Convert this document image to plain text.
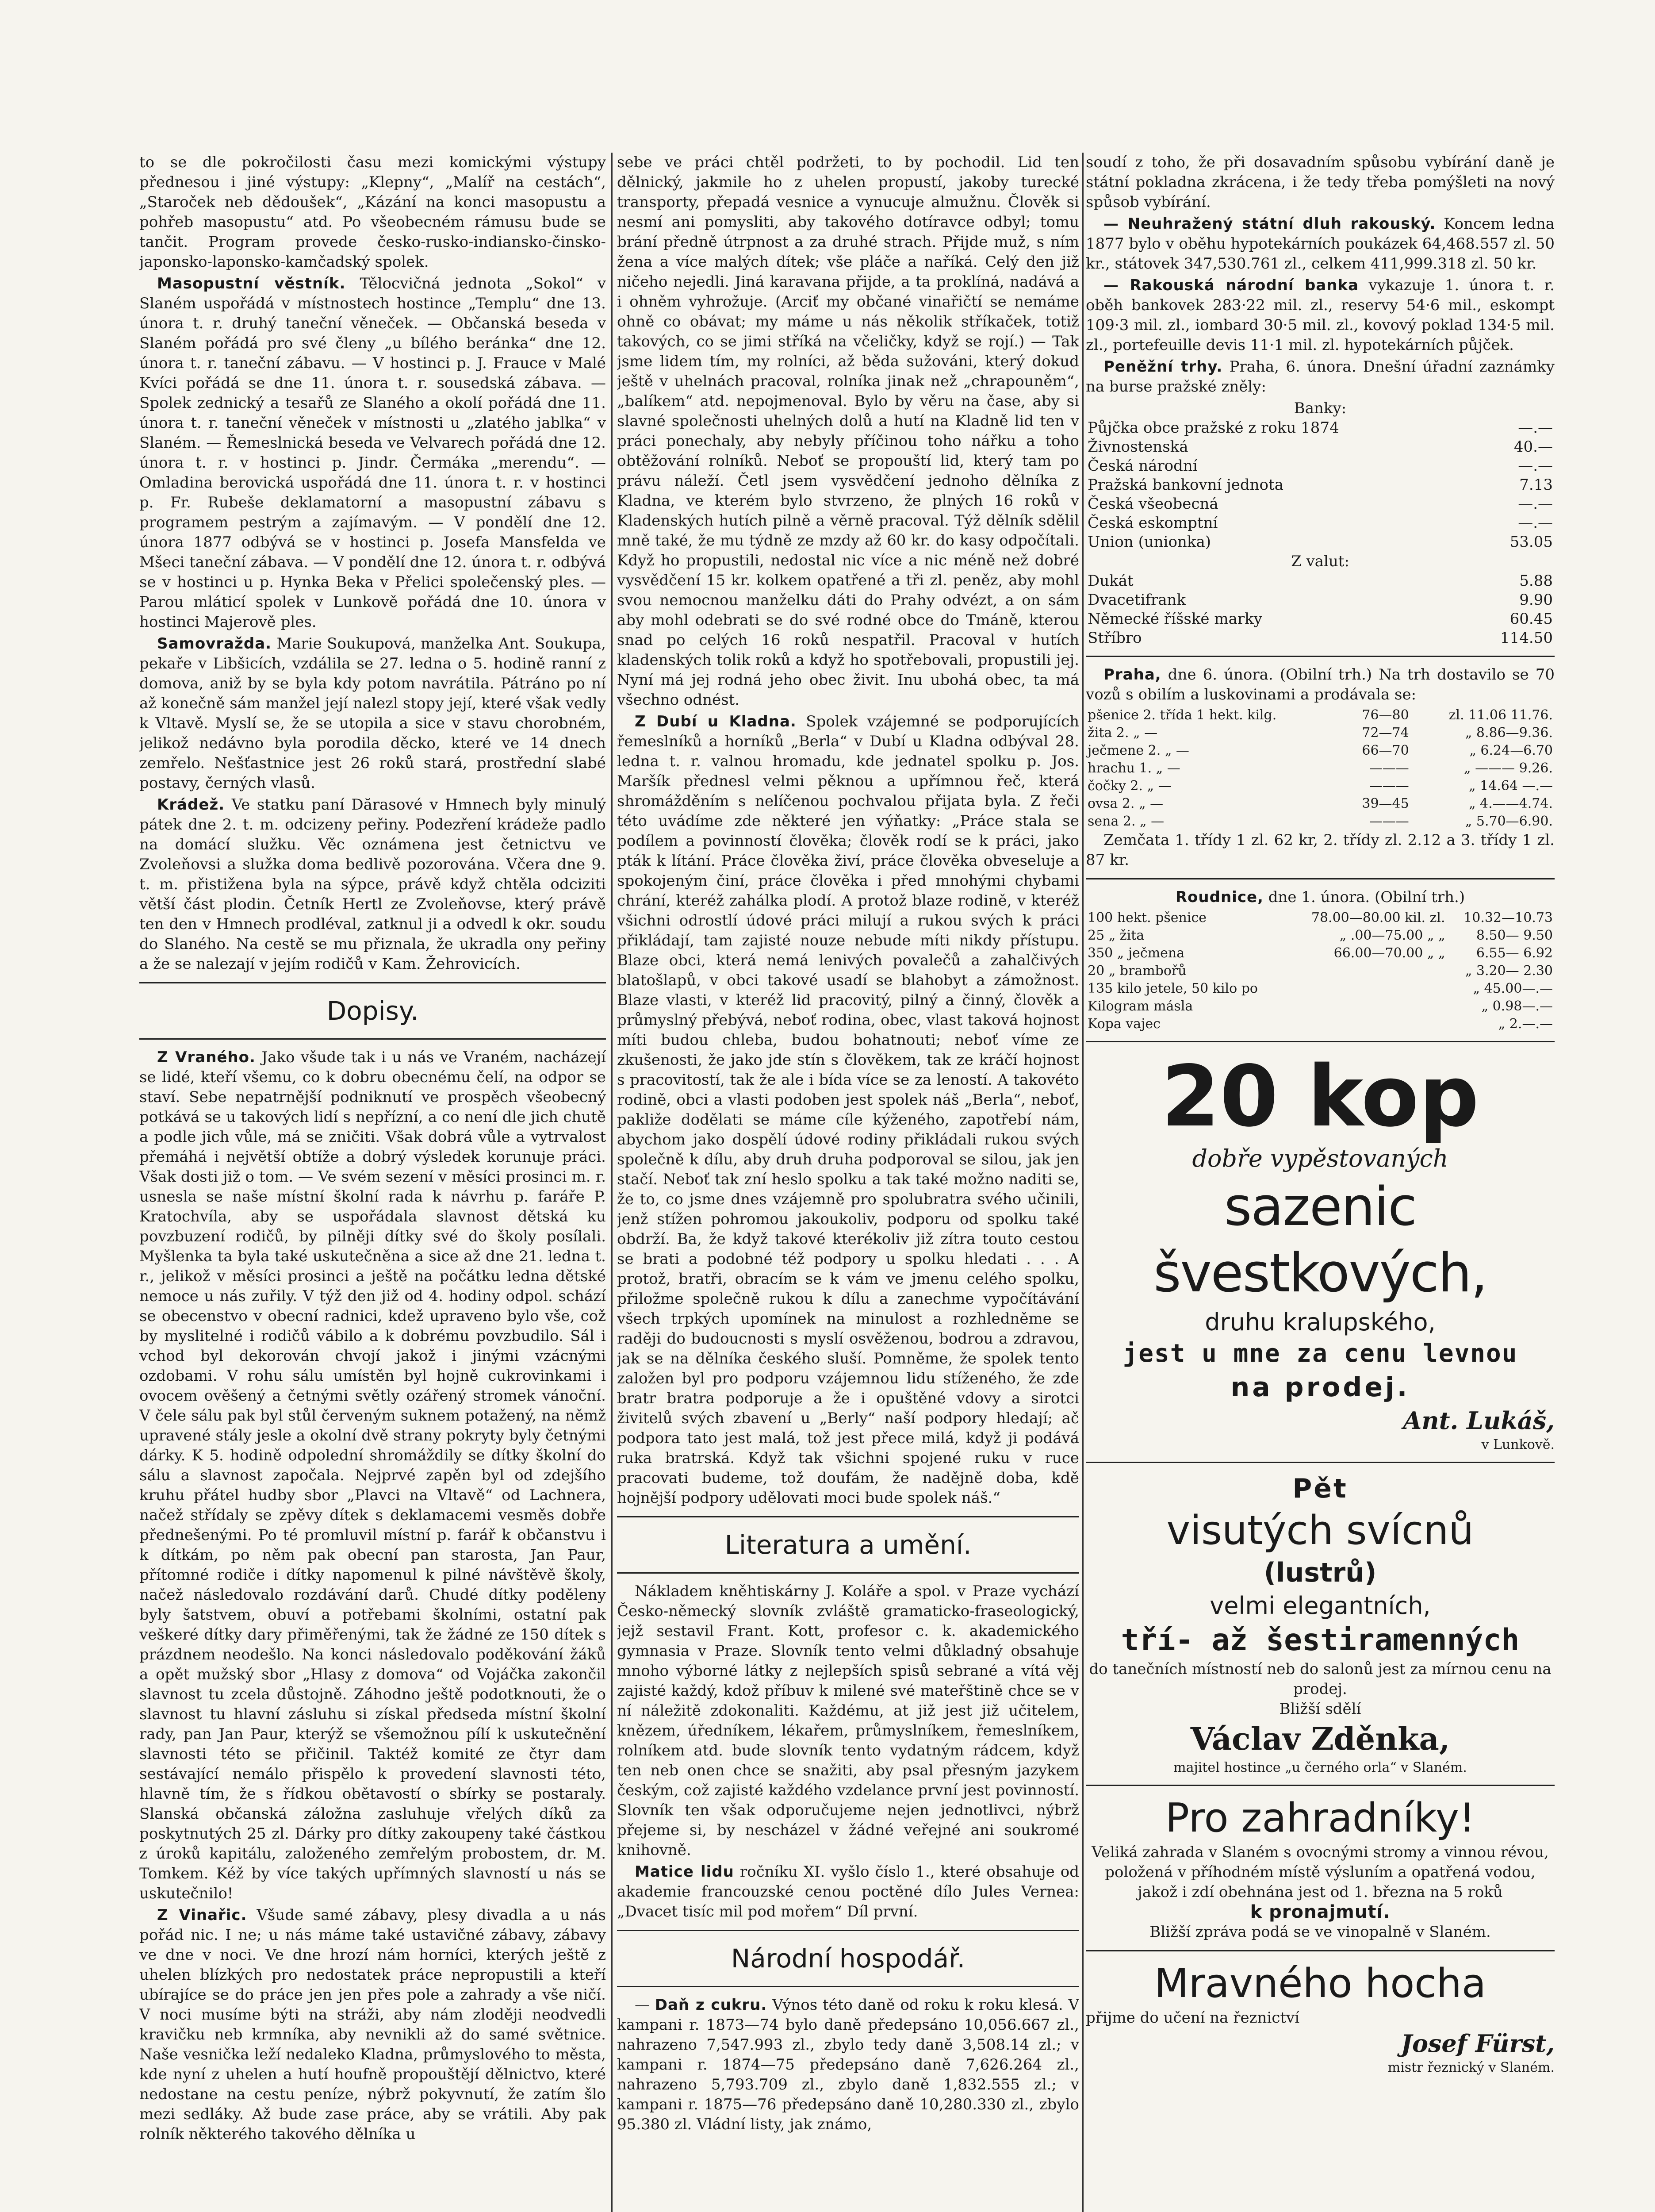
to se dle pokročilosti času mezi komickými výstupy přednesou i jiné výstupy: „Klepny“, „Malíř na cestách“, „Staroček neb dědoušek“, „Kázání na konci masopustu a pohřeb masopustu“ atd. Po všeobecném rámusu bude se tančit. Program provede česko-rusko-indiansko-činsko-japonsko-laponsko-kamčadský spolek.

Masopustní věstník. Tělocvičná jednota „Sokol“ v Slaném uspořádá v místnostech hostince „Templu“ dne 13. února t. r. druhý taneční věneček. — Občanská beseda v Slaném pořádá pro své členy „u bílého beránka“ dne 12. února t. r. taneční zábavu. — V hostinci p. J. Frauce v Malé Kvíci pořádá se dne 11. února t. r. sousedská zábava. — Spolek zednický a tesařů ze Slaného a okolí pořádá dne 11. února t. r. taneční věneček v místnosti u „zlatého jablka“ v Slaném. — Řemeslnická beseda ve Velvarech pořádá dne 12. února t. r. v hostinci p. Jindr. Čermáka „merendu“. — Omladina berovická uspořádá dne 11. února t. r. v hostinci p. Fr. Rubeše deklamatorní a masopustní zábavu s programem pestrým a zajímavým. — V pondělí dne 12. února 1877 odbývá se v hostinci p. Josefa Mansfelda ve Mšeci taneční zábava. — V pondělí dne 12. února t. r. odbývá se v hostinci u p. Hynka Beka v Přelici společenský ples. — Parou mláticí spolek v Lunkově pořádá dne 10. února v hostinci Majerově ples.

Samovražda. Marie Soukupová, manželka Ant. Soukupa, pekaře v Libšicích, vzdálila se 27. ledna o 5. hodině ranní z domova, aniž by se byla kdy potom navrátila. Pátráno po ní až konečně sám manžel její nalezl stopy její, které však vedly k Vltavě. Myslí se, že se utopila a sice v stavu chorobném, jelikož nedávno byla porodila děcko, které ve 14 dnech zemřelo. Nešťastnice jest 26 roků stará, prostřední slabé postavy, černých vlasů.

Krádež. Ve statku paní Dărasové v Hmnech byly minulý pátek dne 2. t. m. odcizeny peřiny. Podezření krádeže padlo na domácí služku. Věc oznámena jest četnictvu ve Zvoleňovsi a služka doma bedlivě pozorována. Včera dne 9. t. m. přistižena byla na sýpce, právě když chtěla odciziti větší část plodin. Četník Hertl ze Zvoleňovse, který právě ten den v Hmnech prodléval, zatknul ji a odvedl k okr. soudu do Slaného. Na cestě se mu přiznala, že ukradla ony peřiny a že se nalezají v jejím rodičů v Kam. Žehrovicích.

Dopisy.

Z Vraného. Jako všude tak i u nás ve Vraném, nacházejí se lidé, kteří všemu, co k dobru obecnému čelí, na odpor se staví. Sebe nepatrnější podniknutí ve prospěch všeobecný potkává se u takových lidí s nepřízní, a co není dle jich chutě a podle jich vůle, má se zničiti. Však dobrá vůle a vytrvalost přemáhá i největší obtíže a dobrý výsledek korunuje práci. Však dosti již o tom. — Ve svém sezení v měsíci prosinci m. r. usnesla se naše místní školní rada k návrhu p. faráře P. Kratochvíla, aby se uspořádala slavnost dětská ku povzbuzení rodičů, by pilněji dítky své do školy posílali. Myšlenka ta byla také uskutečněna a sice až dne 21. ledna t. r., jelikož v měsíci prosinci a ještě na počátku ledna dětské nemoce u nás zuřily. V týž den již od 4. hodiny odpol. schází se obecenstvo v obecní radnici, kdež upraveno bylo vše, což by myslitelné i rodičů vábilo a k dobrému povzbudilo. Sál i vchod byl dekorován chvojí jakož i jinými vzácnými ozdobami. V rohu sálu umístěn byl hojně cukrovinkami i ovocem ověšený a četnými světly ozářený stromek vánoční. V čele sálu pak byl stůl červeným suknem potažený, na němž upravené stály jesle a okolní dvě strany pokryty byly četnými dárky. K 5. hodině odpolední shromáždily se dítky školní do sálu a slavnost započala. Nejprvé zapěn byl od zdejšího kruhu přátel hudby sbor „Plavci na Vltavě“ od Lachnera, načež střídaly se zpěvy dítek s deklamacemi vesměs dobře přednešenými. Po té promluvil místní p. farář k občanstvu i k dítkám, po něm pak obecní pan starosta, Jan Paur, přítomné rodiče i dítky napomenul k pilné návštěvě školy, načež následovalo rozdávání darů. Chudé dítky poděleny byly šatstvem, obuví a potřebami školními, ostatní pak veškeré dítky dary přiměřenými, tak že žádné ze 150 dítek s prázdnem neodešlo. Na konci následovalo poděkování žáků a opět mužský sbor „Hlasy z domova“ od Vojáčka zakončil slavnost tu zcela důstojně. Záhodno ještě podotknouti, že o slavnost tu hlavní zásluhu si získal předseda místní školní rady, pan Jan Paur, kterýž se všemožnou pílí k uskutečnění slavnosti této se přičinil. Taktéž komité ze čtyr dam sestávající nemálo přispělo k provedení slavnosti této, hlavně tím, že s řídkou obětavostí o sbírky se postaraly. Slanská občanská záložna zasluhuje vřelých díků za poskytnutých 25 zl. Dárky pro dítky zakoupeny také částkou z úroků kapitálu, založeného zemřelým probostem, dr. M. Tomkem. Kéž by více takých upřímných slavností u nás se uskutečnilo!

Z Vinařic. Všude samé zábavy, plesy divadla a u nás pořád nic. I ne; u nás máme také ustavičné zábavy, zábavy ve dne v noci. Ve dne hrozí nám horníci, kterých ještě z uhelen blízkých pro nedostatek práce nepropustili a kteří ubírajíce se do práce jen jen přes pole a zahrady a vše ničí. V noci musíme býti na stráži, aby nám zloději neodvedli kravičku neb krmníka, aby nevnikli až do samé světnice. Naše vesnička leží nedaleko Kladna, průmyslového to města, kde nyní z uhelen a hutí houfně propouštějí dělnictvo, které nedostane na cestu peníze, nýbrž pokyvnutí, že zatím šlo mezi sedláky. Až bude zase práce, aby se vrátili. Aby pak rolník některého takového dělníka u

sebe ve práci chtěl podržeti, to by pochodil. Lid ten dělnický, jakmile ho z uhelen propustí, jakoby turecké transporty, přepadá vesnice a vynucuje almužnu. Člověk si nesmí ani pomysliti, aby takového dotíravce odbyl; tomu brání předně útrpnost a za druhé strach. Přijde muž, s ním žena a více malých dítek; vše pláče a naříká. Celý den již ničeho nejedli. Jiná karavana přijde, a ta proklíná, nadává a i ohněm vyhrožuje. (Arciť my občané vinařičtí se nemáme ohně co obávat; my máme u nás několik stříkaček, totiž takových, co se jimi stříká na včeličky, když se rojí.) — Tak jsme lidem tím, my rolníci, až běda sužováni, který dokud ještě v uhelnách pracoval, rolníka jinak než „chrapouněm“, „balíkem“ atd. nepojmenoval. Bylo by věru na čase, aby si slavné společnosti uhelných dolů a hutí na Kladně lid ten v práci ponechaly, aby nebyly příčinou toho nářku a toho obtěžování rolníků. Neboť se propouští lid, který tam po právu náleží. Četl jsem vysvědčení jednoho dělníka z Kladna, ve kterém bylo stvrzeno, že plných 16 roků v Kladenských hutích pilně a věrně pracoval. Týž dělník sdělil mně také, že mu týdně ze mzdy až 60 kr. do kasy odpočítali. Když ho propustili, nedostal nic více a nic méně než dobré vysvědčení 15 kr. kolkem opatřené a tři zl. peněz, aby mohl svou nemocnou manželku dáti do Prahy odvézt, a on sám aby mohl odebrati se do své rodné obce do Tmáně, kterou snad po celých 16 roků nespatřil. Pracoval v hutích kladenských tolik roků a když ho spotřebovali, propustili jej. Nyní má jej rodná jeho obec živit. Inu ubohá obec, ta má všechno odnést.

Z Dubí u Kladna. Spolek vzájemné se podporujících řemeslníků a horníků „Berla“ v Dubí u Kladna odbýval 28. ledna t. r. valnou hromadu, kde jednatel spolku p. Jos. Maršík přednesl velmi pěknou a upřímnou řeč, která shromážděním s nelíčenou pochvalou přijata byla. Z řeči této uvádíme zde některé jen výňatky: „Práce stala se podílem a povinností člověka; člověk rodí se k práci, jako pták k lítání. Práce člověka živí, práce člověka obveseluje a spokojeným činí, práce člověka i před mnohými chybami chrání, kteréž zahálka plodí. A protož blaze rodině, v kteréž všichni odrostlí údové práci milují a rukou svých k práci přikládají, tam zajisté nouze nebude míti nikdy přístupu. Blaze obci, která nemá lenivých povalečů a zahalčivých blatošlapů, v obci takové usadí se blahobyt a zámožnost. Blaze vlasti, v kteréž lid pracovitý, pilný a činný, člověk a průmyslný přebývá, neboť rodina, obec, vlast taková hojnost míti budou chleba, budou bohatnouti; neboť víme ze zkušenosti, že jako jde stín s člověkem, tak ze kráčí hojnost s pracovitostí, tak že ale i bída více se za leností. A takovéto rodině, obci a vlasti podoben jest spolek náš „Berla“, neboť, pakliže dodělati se máme cíle kýženého, zapotřebí nám, abychom jako dospělí údové rodiny přikládali rukou svých společně k dílu, aby druh druha podporoval se silou, jak jen stačí. Neboť tak zní heslo spolku a tak také možno naditi se, že to, co jsme dnes vzájemně pro spolubratra svého učinili, jenž stížen pohromou jakoukoliv, podporu od spolku také obdrží. Ba, že když takové kterékoliv již zítra touto cestou se brati a podobné též podpory u spolku hledati . . . A protož, bratři, obracím se k vám ve jmenu celého spolku, přiložme společně rukou k dílu a zanechme vypočítávání všech trpkých upomínek na minulost a rozhledněme se raději do budoucnosti s myslí osvěženou, bodrou a zdravou, jak se na dělníka českého sluší. Pomněme, že spolek tento založen byl pro podporu vzájemnou lidu stíženého, že zde bratr bratra podporuje a že i opuštěné vdovy a sirotci živitelů svých zbavení u „Berly“ naší podpory hledají; ač podpora tato jest malá, tož jest přece milá, když ji podává ruka bratrská. Když tak všichni spojené ruku v ruce pracovati budeme, tož doufám, že nadějně doba, kdě hojnější podpory udělovati moci bude spolek náš.“

Literatura a umění.

Nákladem kněhtiskárny J. Koláře a spol. v Praze vychází Česko-německý slovník zvláště gramaticko-fraseologický, jejž sestavil Frant. Kott, profesor c. k. akademického gymnasia v Praze. Slovník tento velmi důkladný obsahuje mnoho výborné látky z nejlepších spisů sebrané a vítá věj zajisté každý, kdož příbuv k milené své mateřštině chce se v ní náležitě zdokonaliti. Každému, at již jest již učitelem, knězem, úředníkem, lékařem, průmyslníkem, řemeslníkem, rolníkem atd. bude slovník tento vydatným rádcem, když ten neb onen chce se snažiti, aby psal přesným jazykem českým, což zajisté každého vzdelance první jest povinností. Slovník ten však odporučujeme nejen jednotlivci, nýbrž přejeme si, by nescházel v žádné veřejné ani soukromé knihovně.

Matice lidu ročníku XI. vyšlo číslo 1., které obsahuje od akademie francouzské cenou poctěné dílo Jules Vernea: „Dvacet tisíc mil pod mořem“ Díl první.

Národní hospodář.

— Daň z cukru. Výnos této daně od roku k roku klesá. V kampani r. 1873—74 bylo daně předepsáno 10,056.667 zl., nahrazeno 7,547.993 zl., zbylo tedy daně 3,508.14 zl.; v kampani r. 1874—75 předepsáno daně 7,626.264 zl., nahrazeno 5,793.709 zl., zbylo daně 1,832.555 zl.; v kampani r. 1875—76 předepsáno daně 10,280.330 zl., zbylo 95.380 zl. Vládní listy, jak známo,

soudí z toho, že při dosavadním spůsobu vybírání daně je státní pokladna zkrácena, i že tedy třeba pomýšleti na nový spůsob vybírání.

— Neuhražený státní dluh rakouský. Koncem ledna 1877 bylo v oběhu hypotekárních poukázek 64,468.557 zl. 50 kr., státovek 347,530.761 zl., celkem 411,999.318 zl. 50 kr.

— Rakouská národní banka vykazuje 1. února t. r. oběh bankovek 283·22 mil. zl., reservy 54·6 mil., eskompt 109·3 mil. zl., iombard 30·5 mil. zl., kovový poklad 134·5 mil. zl., portefeuille devis 11·1 mil. zl. hypotekárních půjček.

Peněžní trhy. Praha, 6. února. Dnešní úřadní zaznámky na burse pražské zněly:

Banky:
Půjčka obce pražské z roku 1874	—.—
Živnostenská	40.—
Česká národní	—.—
Pražská bankovní jednota	7.13
Česká všeobecná	—.—
Česká eskomptní	—.—
Union (unionka)	53.05
Z valut:
Dukát	5.88
Dvacetifrank	9.90
Německé říšské marky	60.45
Stříbro	114.50

Praha, dne 6. února. (Obilní trh.) Na trh dostavilo se 70 vozů s obilím a luskovinami a prodávala se:

pšenice 2. třída 1 hekt. kilg.	76—80	zl. 11.06 11.76.
žita 2. „ —	72—74	„ 8.86—9.36.
ječmene 2. „ —	66—70	„ 6.24—6.70
hrachu 1. „ —	———	„ ——— 9.26.
čočky 2. „ —	———	„ 14.64 —.—
ovsa 2. „ —	39—45	„ 4.——4.74.
sena 2. „ —	———	„ 5.70—6.90.

Zemčata 1. třídy 1 zl. 62 kr, 2. třídy zl. 2.12 a 3. třídy 1 zl. 87 kr.

Roudnice, dne 1. února. (Obilní trh.)

100 hekt. pšenice	78.00—80.00 kil. zl.	10.32—10.73
25 „ žita	„ .00—75.00 „ „	8.50— 9.50
350 „ ječmena	66.00—70.00 „ „	6.55— 6.92
20 „ brambořů		„ 3.20— 2.30
135 kilo jetele, 50 kilo po		„ 45.00—.—
Kilogram másla		„ 0.98—.—
Kopa vajec		„ 2.—.—
20 kop
dobře vypěstovaných
sazenic švestkových,
druhu kralupského,
jest u mne za cenu levnou
na prodej.
Ant. Lukáš,
v Lunkově.
Pět
visutých svícnů
(lustrů)
velmi elegantních,
tří- až šestiramenných
do tanečních místností neb do salonů jest za mírnou cenu na prodej.
Bližší sdělí
Václav Zděnka,
majitel hostince „u černého orla“ v Slaném.
Pro zahradníky!
Veliká zahrada v Slaném s ovocnými stromy a vinnou révou, položená v příhodném místě výsluním a opatřená vodou, jakož i zdí obehnána jest od 1. března na 5 roků
k pronajmutí.
Bližší zpráva podá se ve vinopalně v Slaném.
Mravného hocha
přijme do učení na řeznictví
Josef Fürst,
mistr řeznický v Slaném.
